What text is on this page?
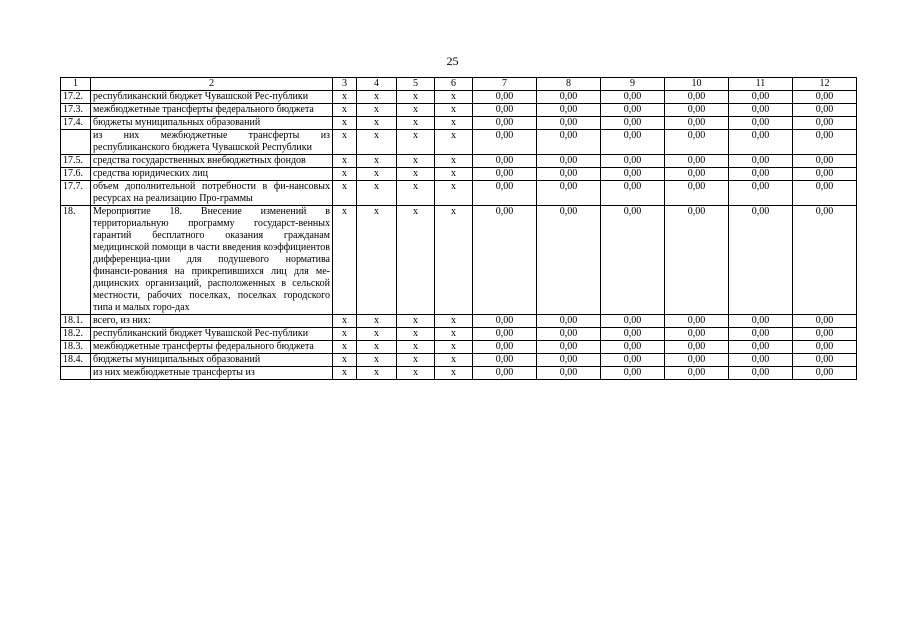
25
1	2	3	4	5	6	7	8	9	10	11	12
17.2.	республиканский бюджет Чувашской Рес-публики	x	x	x	x	0,00	0,00	0,00	0,00	0,00	0,00
17.3.	межбюджетные трансферты федерального бюджета	x	x	x	x	0,00	0,00	0,00	0,00	0,00	0,00
17.4.	бюджеты муниципальных образований	x	x	x	x	0,00	0,00	0,00	0,00	0,00	0,00
	из них межбюджетные трансферты из республиканского бюджета Чувашской Республики	x	x	x	x	0,00	0,00	0,00	0,00	0,00	0,00
17.5.	средства государственных внебюджетных фондов	x	x	x	x	0,00	0,00	0,00	0,00	0,00	0,00
17.6.	средства юридических лиц	x	x	x	x	0,00	0,00	0,00	0,00	0,00	0,00
17.7.	объем дополнительной потребности в фи-нансовых ресурсах на реализацию Про-граммы	x	x	x	x	0,00	0,00	0,00	0,00	0,00	0,00
18.	Мероприятие 18. Внесение изменений в территориальную программу государст-венных гарантий бесплатного оказания гражданам медицинской помощи в части введения коэффициентов дифференциа-ции для подушевого норматива финанси-рования на прикрепившихся лиц для ме-дицинских организаций, расположенных в сельской местности, рабочих поселках, поселках городского типа и малых горо-дах	x	x	x	x	0,00	0,00	0,00	0,00	0,00	0,00
18.1.	всего, из них:	x	x	x	x	0,00	0,00	0,00	0,00	0,00	0,00
18.2.	республиканский бюджет Чувашской Рес-публики	x	x	x	x	0,00	0,00	0,00	0,00	0,00	0,00
18.3.	межбюджетные трансферты федерального бюджета	x	x	x	x	0,00	0,00	0,00	0,00	0,00	0,00
18.4.	бюджеты муниципальных образований	x	x	x	x	0,00	0,00	0,00	0,00	0,00	0,00
	из них межбюджетные трансферты из	x	x	x	x	0,00	0,00	0,00	0,00	0,00	0,00
